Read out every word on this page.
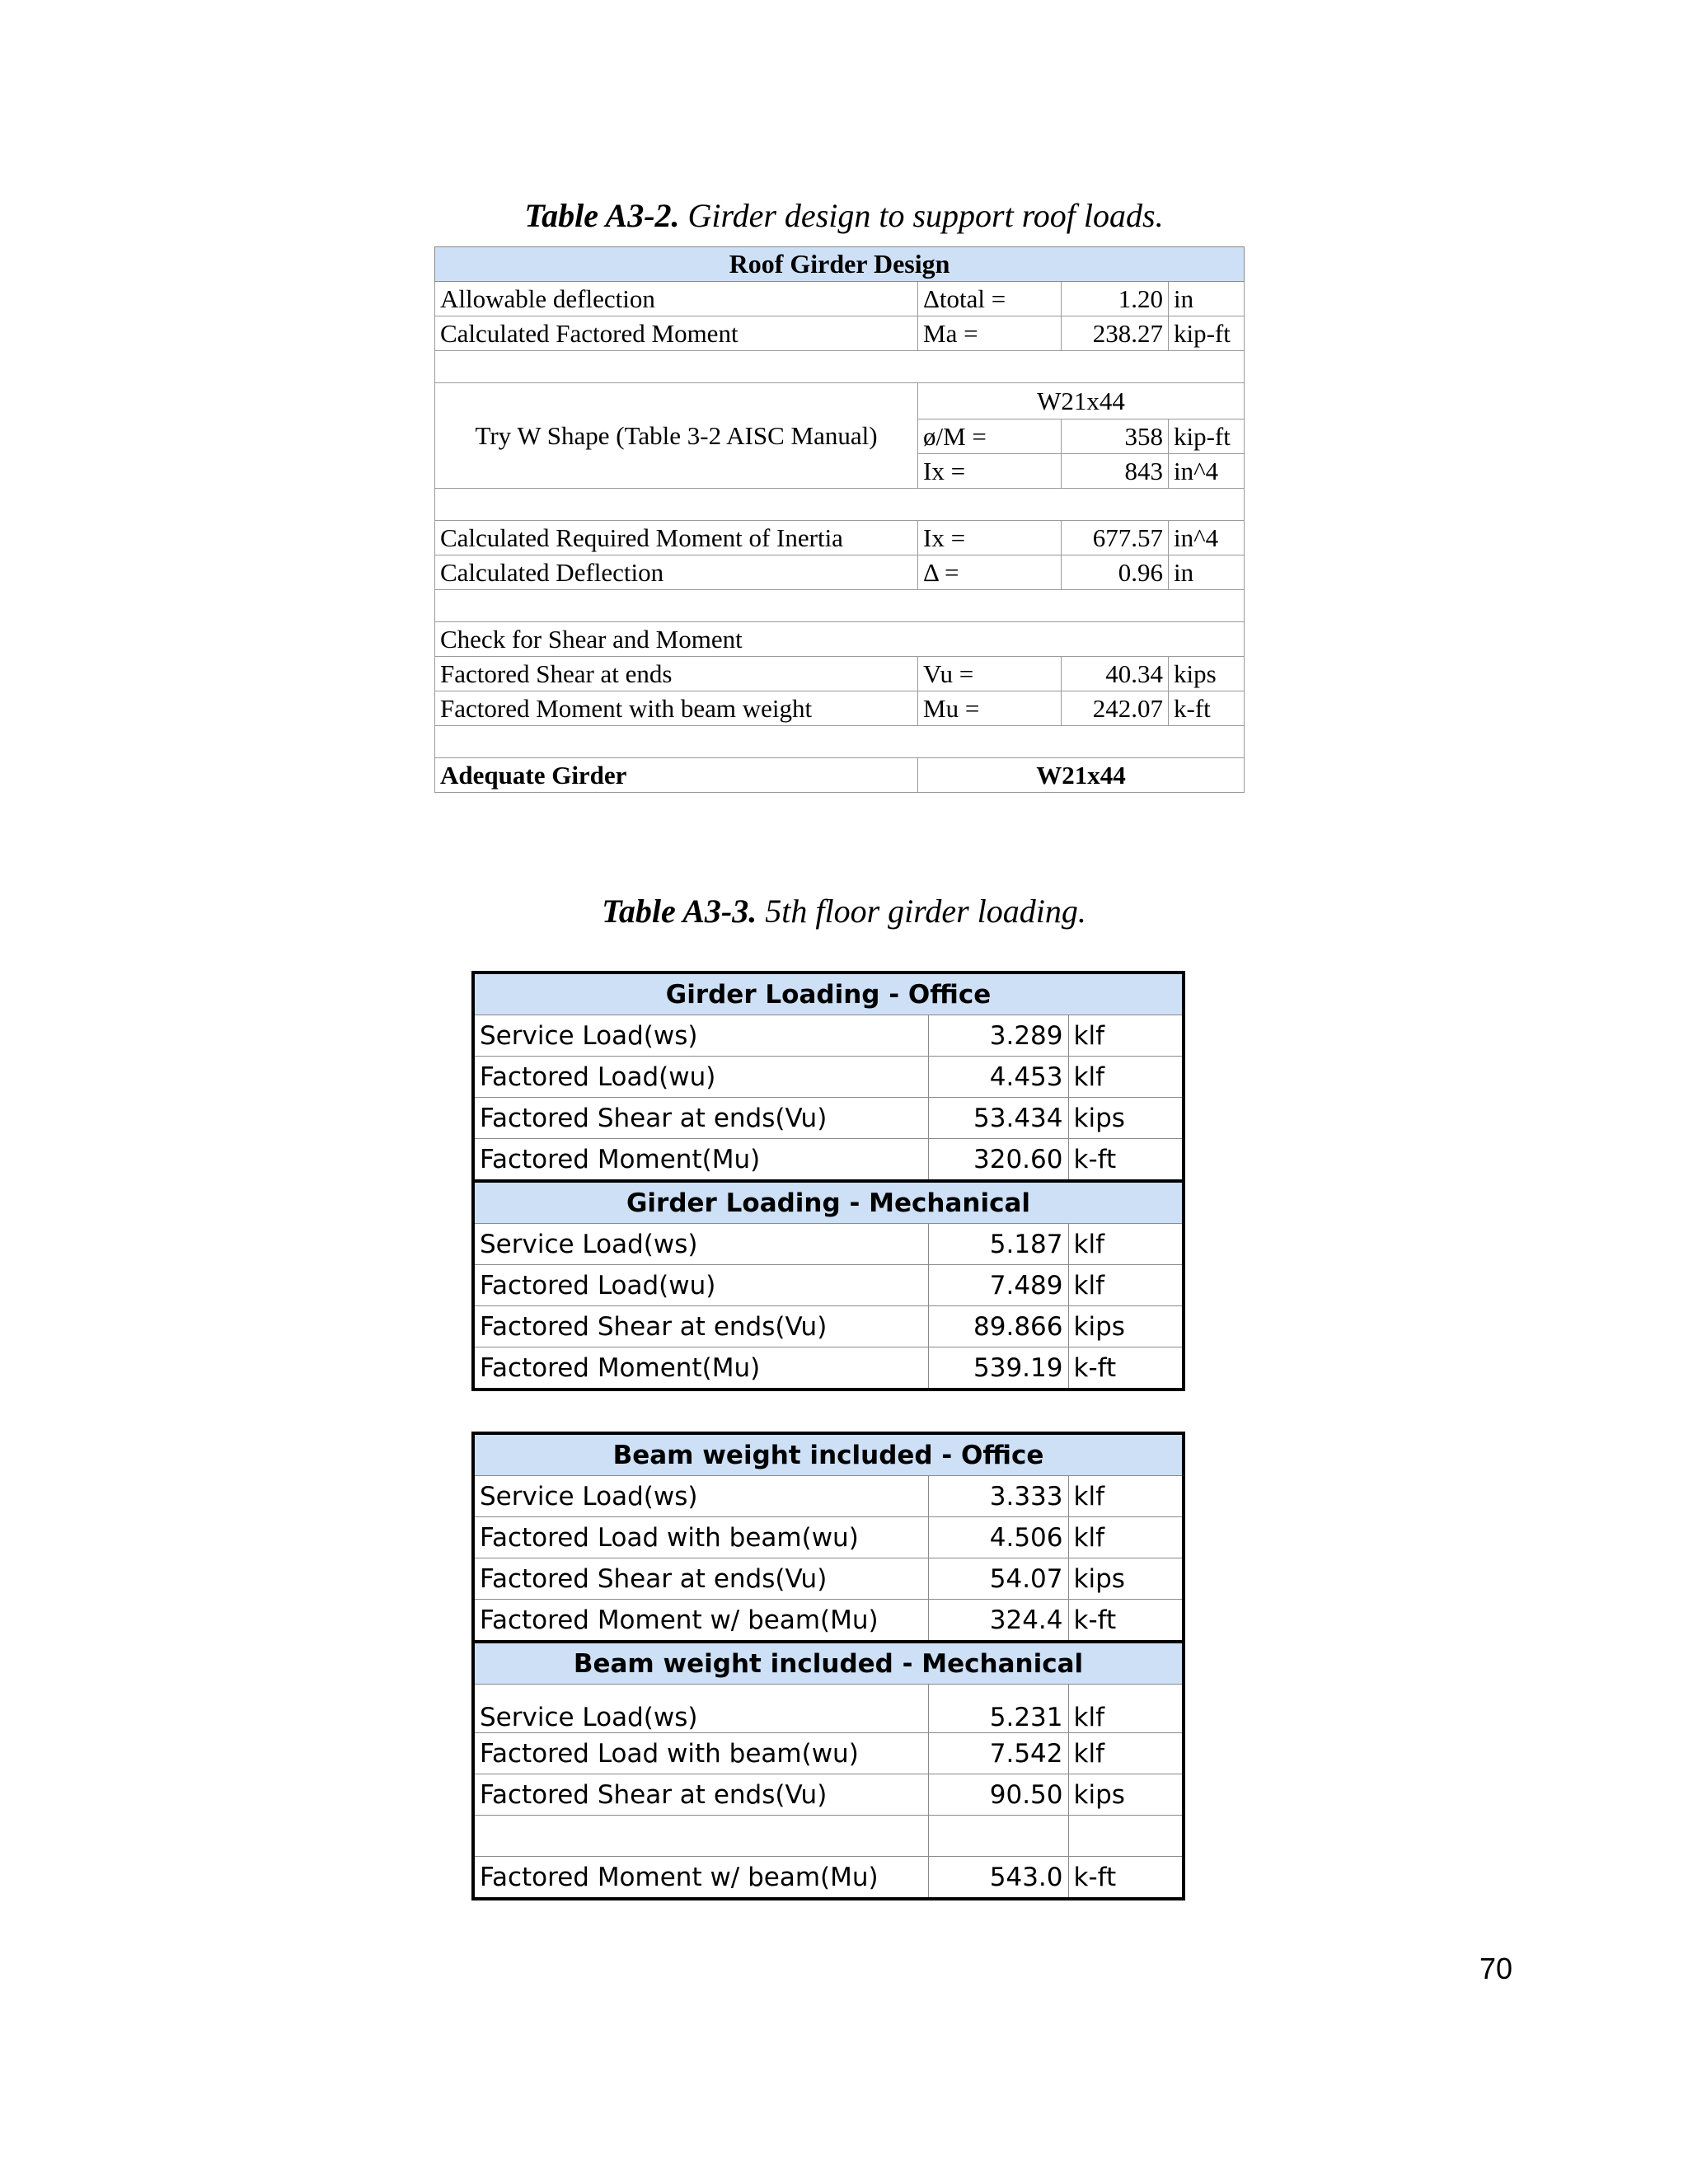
Table A3-2. Girder design to support roof loads.
Roof Girder Design			
Allowable deflection	Δtotal =	1.20	in
Calculated Factored Moment	Ma =	238.27	kip-ft

Try W Shape (Table 3-2 AISC Manual)	W21x44		
	ø/M =	358	kip-ft
	Ix =	843	in^4

Calculated Required Moment of Inertia	Ix =	677.57	in^4
Calculated Deflection	Δ =	0.96	in

Check for Shear and Moment			
Factored Shear at ends	Vu =	40.34	kips
Factored Moment with beam weight	Mu =	242.07	k-ft

Adequate Girder	W21x44		
Table A3-3. 5th floor girder loading.
Girder Loading - Office		
Service Load(ws)	3.289	klf
Factored Load(wu)	4.453	klf
Factored Shear at ends(Vu)	53.434	kips
Factored Moment(Mu)	320.60	k-ft
Girder Loading - Mechanical		
Service Load(ws)	5.187	klf
Factored Load(wu)	7.489	klf
Factored Shear at ends(Vu)	89.866	kips
Factored Moment(Mu)	539.19	k-ft

Beam weight included - Office		
Service Load(ws)	3.333	klf
Factored Load with beam(wu)	4.506	klf
Factored Shear at ends(Vu)	54.07	kips
Factored Moment w/ beam(Mu)	324.4	k-ft
Beam weight included - Mechanical		
Service Load(ws)	5.231	klf
Factored Load with beam(wu)	7.542	klf
Factored Shear at ends(Vu)	90.50	kips

Factored Moment w/ beam(Mu)	543.0	k-ft
70
